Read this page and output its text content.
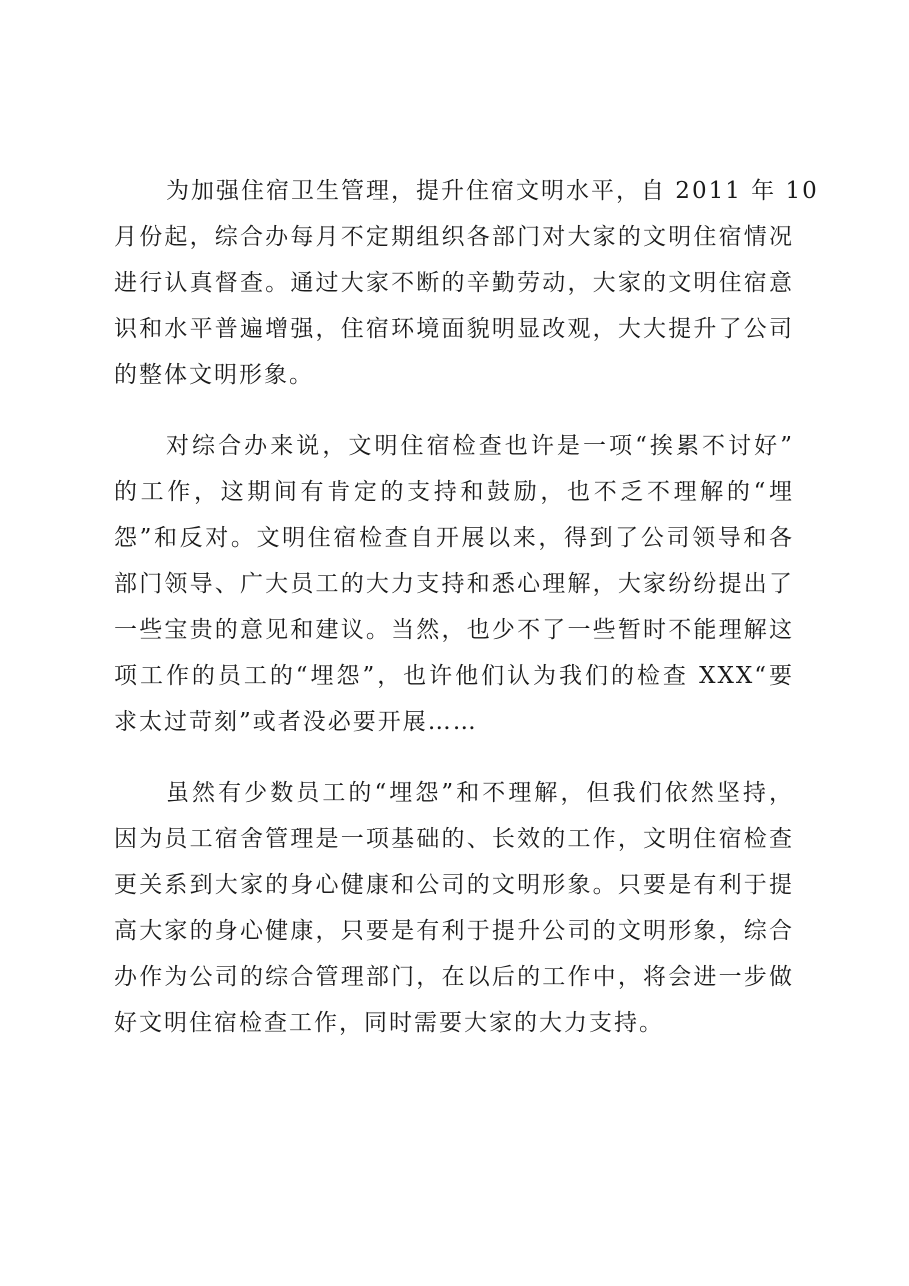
为加强住宿卫生管理，提升住宿文明水平，自 2011 年 10
月份起，综合办每月不定期组织各部门对大家的文明住宿情况
进行认真督查。通过大家不断的辛勤劳动，大家的文明住宿意
识和水平普遍增强，住宿环境面貌明显改观，大大提升了公司
的整体文明形象。
对综合办来说，文明住宿检查也许是一项“挨累不讨好”
的工作，这期间有肯定的支持和鼓励，也不乏不理解的“埋
怨”和反对。文明住宿检查自开展以来，得到了公司领导和各
部门领导、广大员工的大力支持和悉心理解，大家纷纷提出了
一些宝贵的意见和建议。当然，也少不了一些暂时不能理解这
项工作的员工的“埋怨”，也许他们认为我们的检查 XXX“要
求太过苛刻”或者没必要开展……
虽然有少数员工的“埋怨”和不理解，但我们依然坚持，
因为员工宿舍管理是一项基础的、长效的工作，文明住宿检查
更关系到大家的身心健康和公司的文明形象。只要是有利于提
高大家的身心健康，只要是有利于提升公司的文明形象，综合
办作为公司的综合管理部门，在以后的工作中，将会进一步做
好文明住宿检查工作，同时需要大家的大力支持。
